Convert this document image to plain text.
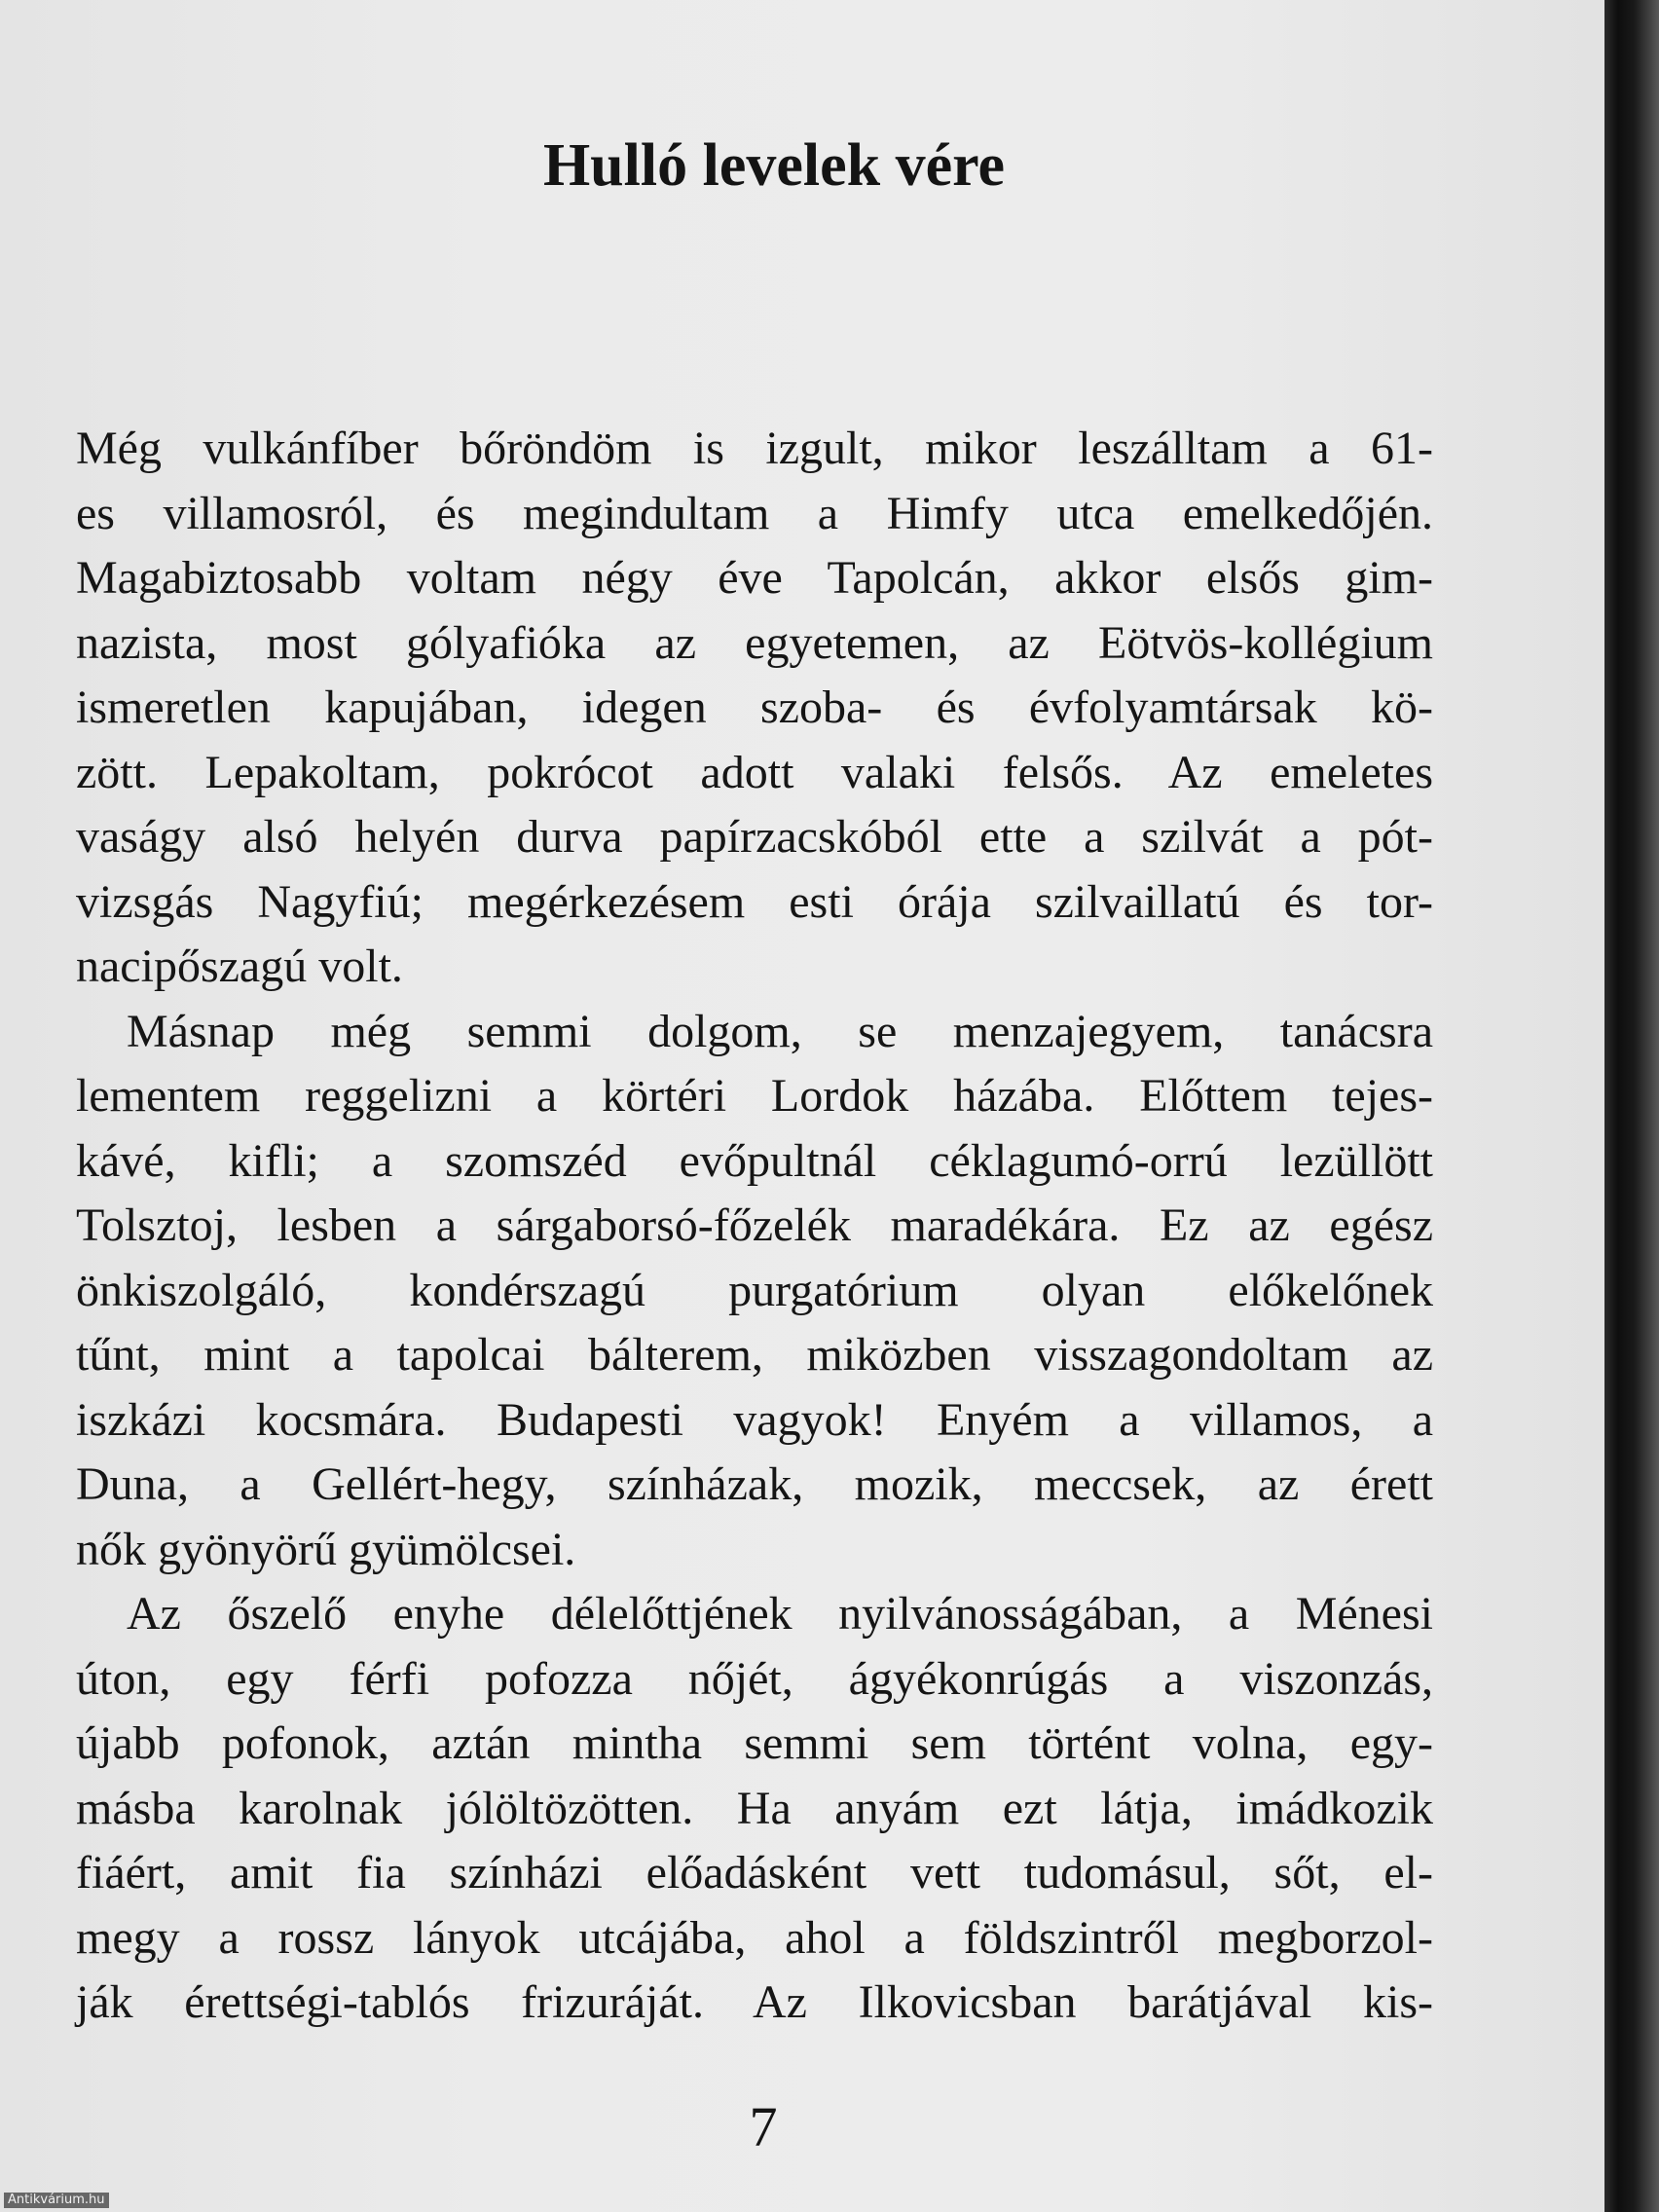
Hulló levelek vére
Még vulkánfíber bőröndöm is izgult, mikor leszálltam a 61-
es villamosról, és megindultam a Himfy utca emelkedőjén.
Magabiztosabb voltam négy éve Tapolcán, akkor elsős gim-
nazista, most gólyafióka az egyetemen, az Eötvös-kollégium
ismeretlen kapujában, idegen szoba- és évfolyamtársak kö-
zött. Lepakoltam, pokrócot adott valaki felsős. Az emeletes
vaságy alsó helyén durva papírzacskóból ette a szilvát a pót-
vizsgás Nagyfiú; megérkezésem esti órája szilvaillatú és tor-
nacipőszagú volt.
Másnap még semmi dolgom, se menzajegyem, tanácsra
lementem reggelizni a körtéri Lordok házába. Előttem tejes-
kávé, kifli; a szomszéd evőpultnál céklagumó-orrú lezüllött
Tolsztoj, lesben a sárgaborsó-főzelék maradékára. Ez az egész
önkiszolgáló, kondérszagú purgatórium olyan előkelőnek
tűnt, mint a tapolcai bálterem, miközben visszagondoltam az
iszkázi kocsmára. Budapesti vagyok! Enyém a villamos, a
Duna, a Gellért-hegy, színházak, mozik, meccsek, az érett
nők gyönyörű gyümölcsei.
Az őszelő enyhe délelőttjének nyilvánosságában, a Ménesi
úton, egy férfi pofozza nőjét, ágyékonrúgás a viszonzás,
újabb pofonok, aztán mintha semmi sem történt volna, egy-
másba karolnak jólöltözötten. Ha anyám ezt látja, imádkozik
fiáért, amit fia színházi előadásként vett tudomásul, sőt, el-
megy a rossz lányok utcájába, ahol a földszintről megborzol-
ják érettségi-tablós frizuráját. Az Ilkovicsban barátjával kis-
7
Antikvárium.hu
